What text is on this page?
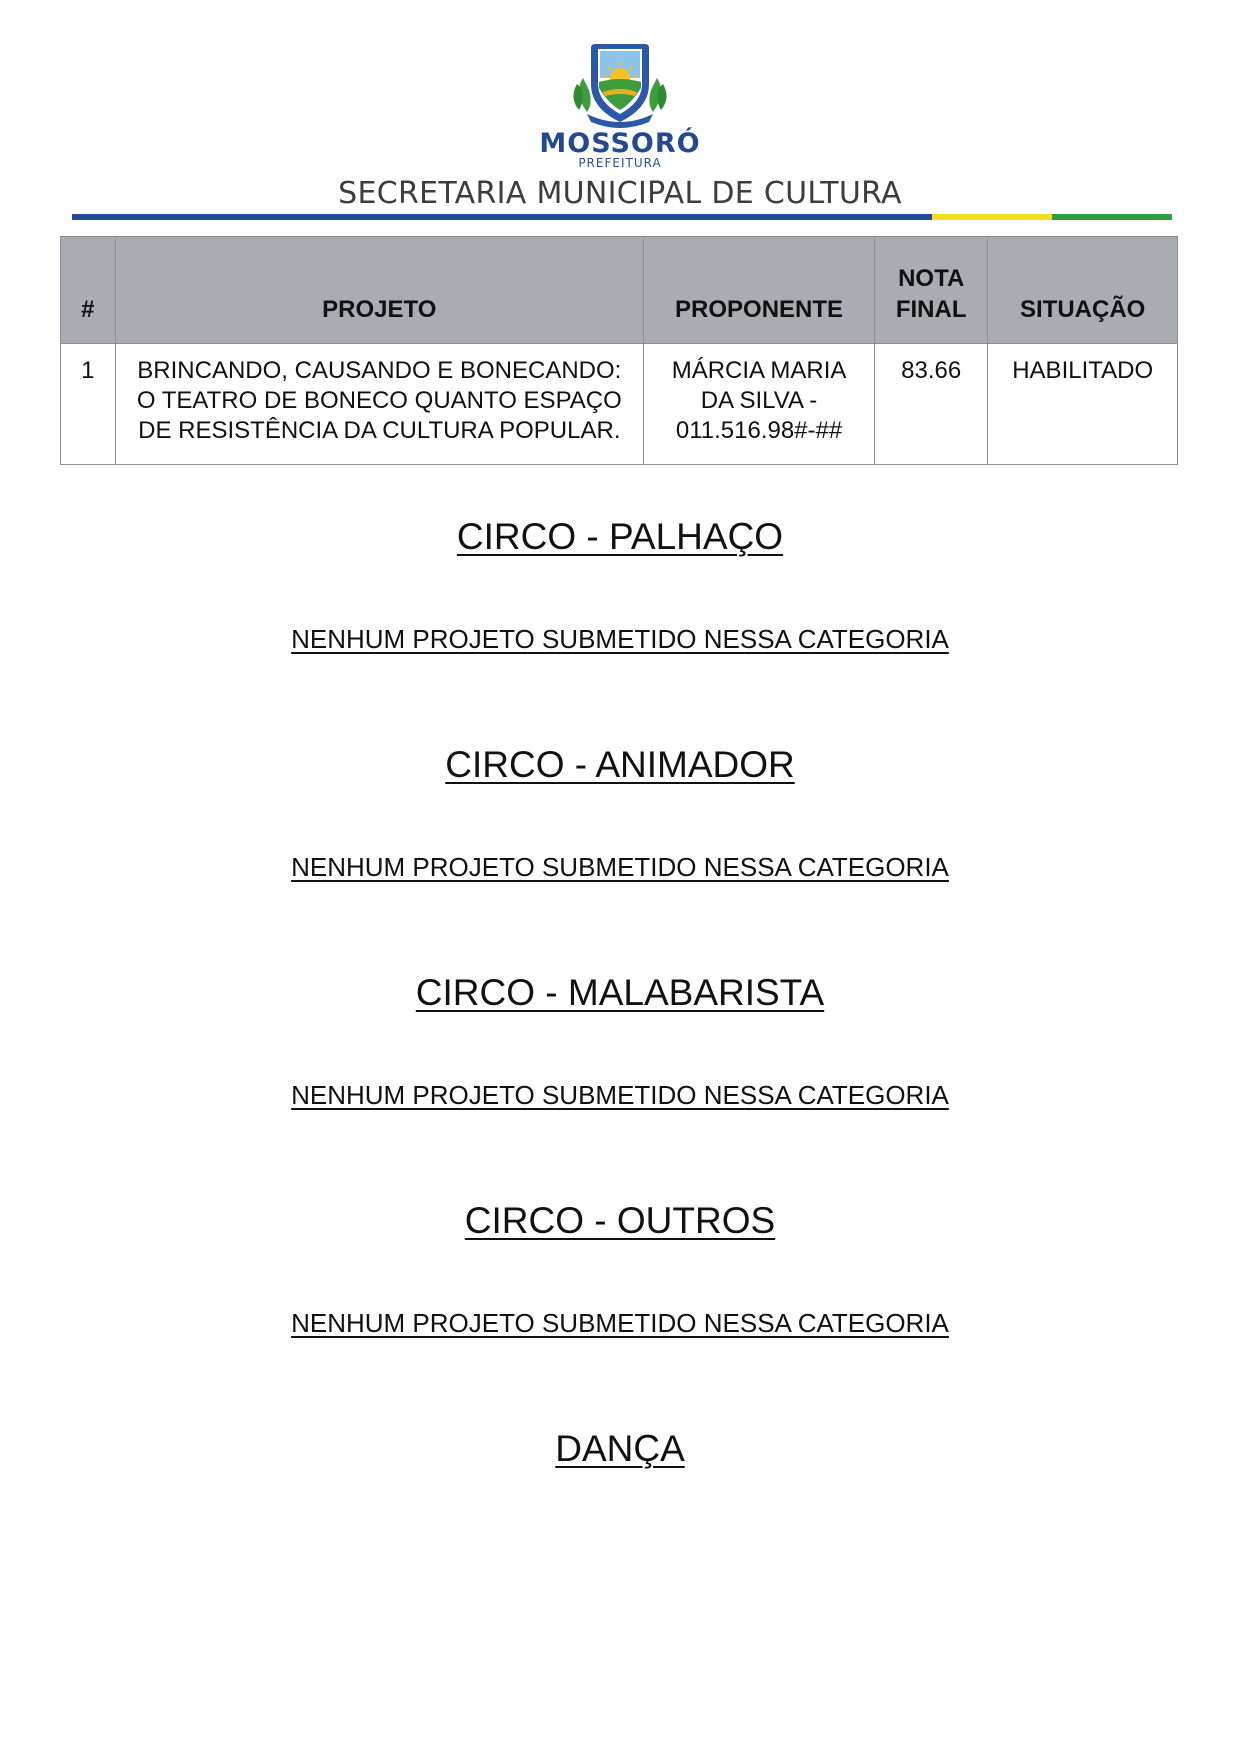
MOSSORÓ
PREFEITURA
SECRETARIA MUNICIPAL DE CULTURA
#	PROJETO	PROPONENTE	NOTA FINAL	SITUAÇÃO
1	BRINCANDO, CAUSANDO E BONECANDO: O TEATRO DE BONECO QUANTO ESPAÇO DE RESISTÊNCIA DA CULTURA POPULAR.	MÁRCIA MARIA DA SILVA - 011.516.98#-##	83.66	HABILITADO
CIRCO - PALHAÇO
NENHUM PROJETO SUBMETIDO NESSA CATEGORIA
CIRCO - ANIMADOR
NENHUM PROJETO SUBMETIDO NESSA CATEGORIA
CIRCO - MALABARISTA
NENHUM PROJETO SUBMETIDO NESSA CATEGORIA
CIRCO - OUTROS
NENHUM PROJETO SUBMETIDO NESSA CATEGORIA
DANÇA
